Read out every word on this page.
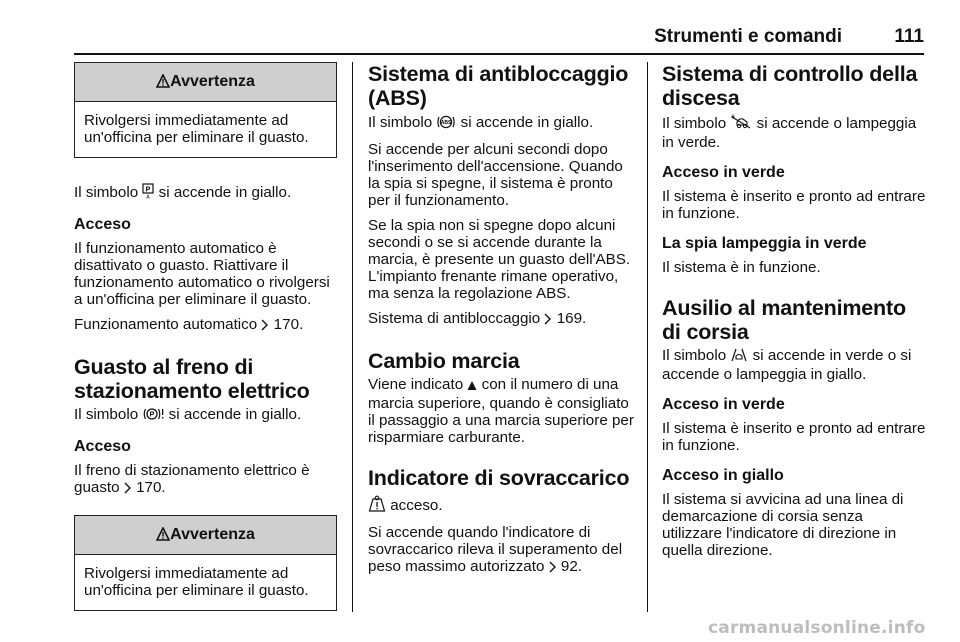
Strumenti e comandi	111
Avvertenza
Rivolgersi immediatamente ad un'officina per eliminare il guasto.

Il simbolo P
A si accende in giallo.

Acceso

Il funzionamento automatico è disattivato o guasto. Riattivare il funzionamento automatico o rivolgersi a un'officina per eliminare il guasto.

Funzionamento automatico 170.

Guasto al freno di stazionamento elettrico

Il simbolo P si accende in giallo.

Acceso

Il freno di stazionamento elettrico è guasto 170.

Avvertenza
Rivolgersi immediatamente ad un'officina per eliminare il guasto.
Sistema di antibloccaggio (ABS)

Il simbolo ABS si accende in giallo.

Si accende per alcuni secondi dopo l'inserimento dell'accensione. Quando la spia si spegne, il sistema è pronto per il funzionamento.

Se la spia non si spegne dopo alcuni secondi o se si accende durante la marcia, è presente un guasto dell'ABS. L'impianto frenante rimane operativo, ma senza la regolazione ABS.

Sistema di antibloccaggio 169.

Cambio marcia

Viene indicato con il numero di una marcia superiore, quando è consigliato il passaggio a una marcia superiore per risparmiare carburante.

Indicatore di sovraccarico

acceso.

Si accende quando l'indicatore di sovraccarico rileva il superamento del peso massimo autorizzato 92.

Sistema di controllo della discesa

Il simbolo si accende o lampeggia in verde.

Acceso in verde

Il sistema è inserito e pronto ad entrare in funzione.

La spia lampeggia in verde

Il sistema è in funzione.

Ausilio al mantenimento di corsia

Il simbolo si accende in verde o si accende o lampeggia in giallo.

Acceso in verde

Il sistema è inserito e pronto ad entrare in funzione.

Acceso in giallo

Il sistema si avvicina ad una linea di demarcazione di corsia senza utilizzare l'indicatore di direzione in quella direzione.

carmanualsonline.info
